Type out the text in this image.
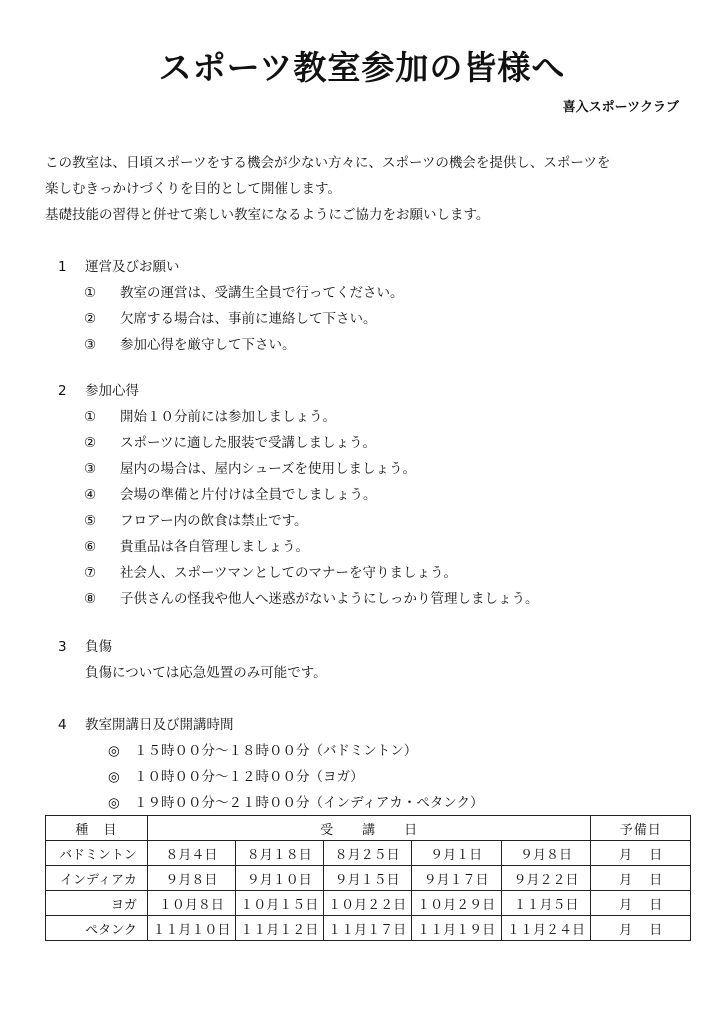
スポーツ教室参加の皆様へ

喜入スポーツクラブ

この教室は、日頃スポーツをする機会が少ない方々に、スポーツの機会を提供し、スポーツを

楽しむきっかけづくりを目的として開催します。

基礎技能の習得と併せて楽しい教室になるようにご協力をお願いします。

1 運営及びお願い

① 教室の運営は、受講生全員で行ってください。
② 欠席する場合は、事前に連絡して下さい。
③ 参加心得を厳守して下さい。

2 参加心得

① 開始１０分前には参加しましょう。
② スポーツに適した服装で受講しましょう。
③ 屋内の場合は、屋内シューズを使用しましょう。
④ 会場の準備と片付けは全員でしましょう。
⑤ フロアー内の飲食は禁止です。
⑥ 貴重品は各自管理しましょう。
⑦ 社会人、スポーツマンとしてのマナーを守りましょう。
⑧ 子供さんの怪我や他人へ迷惑がないようにしっかり管理しましょう。

3 負傷

負傷については応急処置のみ可能です。

4 教室開講日及び開講時間

◎ １５時００分～１８時００分（バドミントン）
◎ １０時００分～１２時００分（ヨガ）
◎ １９時００分～２１時００分（インディアカ・ペタンク）
種　目	受　　講　　日					予備日
バドミントン	８月４日	８月１８日	８月２５日	９月１日	９月８日	月　 日
インディアカ	９月８日	９月１０日	９月１５日	９月１７日	９月２２日	月　 日
ヨガ	１０月８日	１０月１５日	１０月２２日	１０月２９日	１１月５日	月　 日
ペタンク	１１月１０日	１１月１２日	１１月１７日	１１月１９日	１１月２４日	月　 日
